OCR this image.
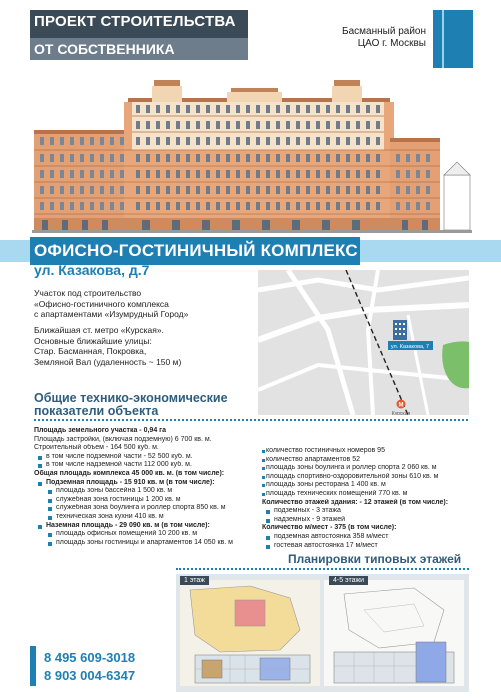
ПРОЕКТ СТРОИТЕЛЬСТВА
ОТ СОБСТВЕННИКА
Басманный район
ЦАО г. Москвы
ОФИСНО-ГОСТИНИЧНЫЙ КОМПЛЕКС
ул. Казакова, д.7

Участок под строительство

«Офисно-гостиничного комплекса

с апартаментами «Изумрудный Город»

Ближайшая ст. метро «Курская».

Основные ближайшие улицы:

Стар. Басманная, Покровка,

Земляной Вал (удаленность ~ 150 м)

ул. Казакова, 7
М
Курская
Общие технико-экономические
показатели объекта
Площадь земельного участка - 0,94 га
Площадь застройки, (включая подземную) 6 700 кв. м.
Строительный объем - 164 500 куб. м.
в том числе подземной части - 52 500 куб. м.
в том числе надземной части 112 000 куб. м.
Общая площадь комплекса 45 000 кв. м. (в том числе):
Подземная площадь - 15 910 кв. м (в том числе):
площадь зоны бассейна 1 500 кв. м
служебная зона гостиницы 1 200 кв. м
служебная зона боулинга и роллер спорта 850 кв. м
техническая зона кухни 410 кв. м
Наземная площадь - 29 090 кв. м (в том числе):
площадь офисных помещений 10 200 кв. м
площадь зоны гостиницы и апартаментов 14 050 кв. м
количество гостиничных номеров 95
количество апартаментов 52
площадь зоны боулинга и роллер спорта 2 060 кв. м
площадь спортивно-оздоровительной зоны 610 кв. м
площадь зоны ресторана 1 400 кв. м
площадь технических помещений 770 кв. м
Количество этажей здания: - 12 этажей (в том числе):
подземных - 3 этажа
надземных - 9 этажей
Количество м/мест - 375 (в том числе):
подземная автостоянка 358 м/мест
гостевая автостоянка 17 м/мест
Планировки типовых этажей
1 этаж	4-5 этажи
8 495 609-3018
8 903 004-6347
